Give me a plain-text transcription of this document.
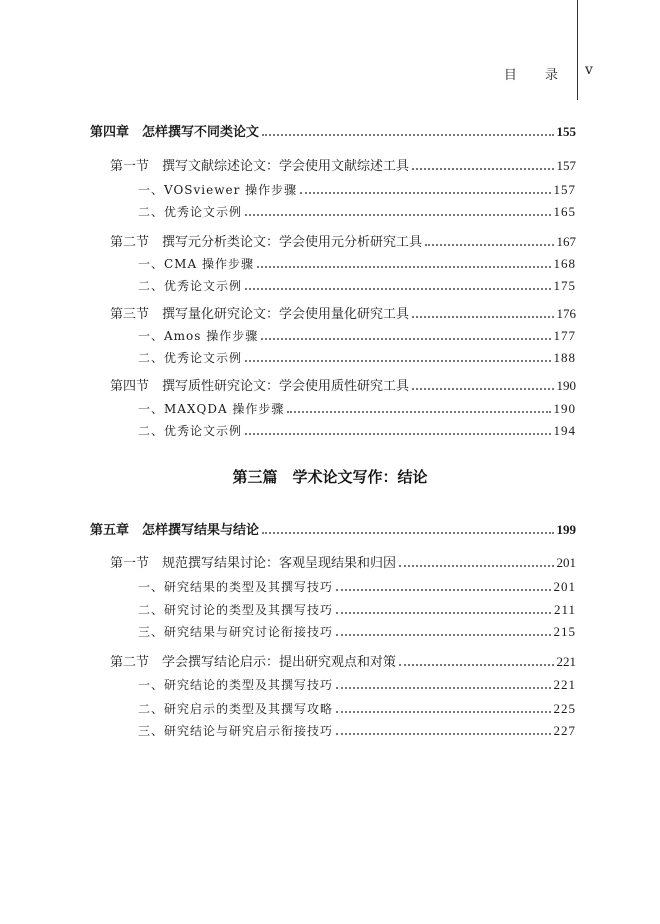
目 录 v
第四章　怎样撰写不同类论文	155
第一节　撰写文献综述论文：学会使用文献综述工具	157
一、VOSviewer 操作步骤	157
二、优秀论文示例	165
第二节　撰写元分析类论文：学会使用元分析研究工具	167
一、CMA 操作步骤	168
二、优秀论文示例	175
第三节　撰写量化研究论文：学会使用量化研究工具	176
一、Amos 操作步骤	177
二、优秀论文示例	188
第四节　撰写质性研究论文：学会使用质性研究工具	190
一、MAXQDA 操作步骤	190
二、优秀论文示例	194
第三篇　学术论文写作：结论
第五章　怎样撰写结果与结论	199
第一节　规范撰写结果讨论：客观呈现结果和归因	201
一、研究结果的类型及其撰写技巧	201
二、研究讨论的类型及其撰写技巧	211
三、研究结果与研究讨论衔接技巧	215
第二节　学会撰写结论启示：提出研究观点和对策	221
一、研究结论的类型及其撰写技巧	221
二、研究启示的类型及其撰写攻略	225
三、研究结论与研究启示衔接技巧	227
